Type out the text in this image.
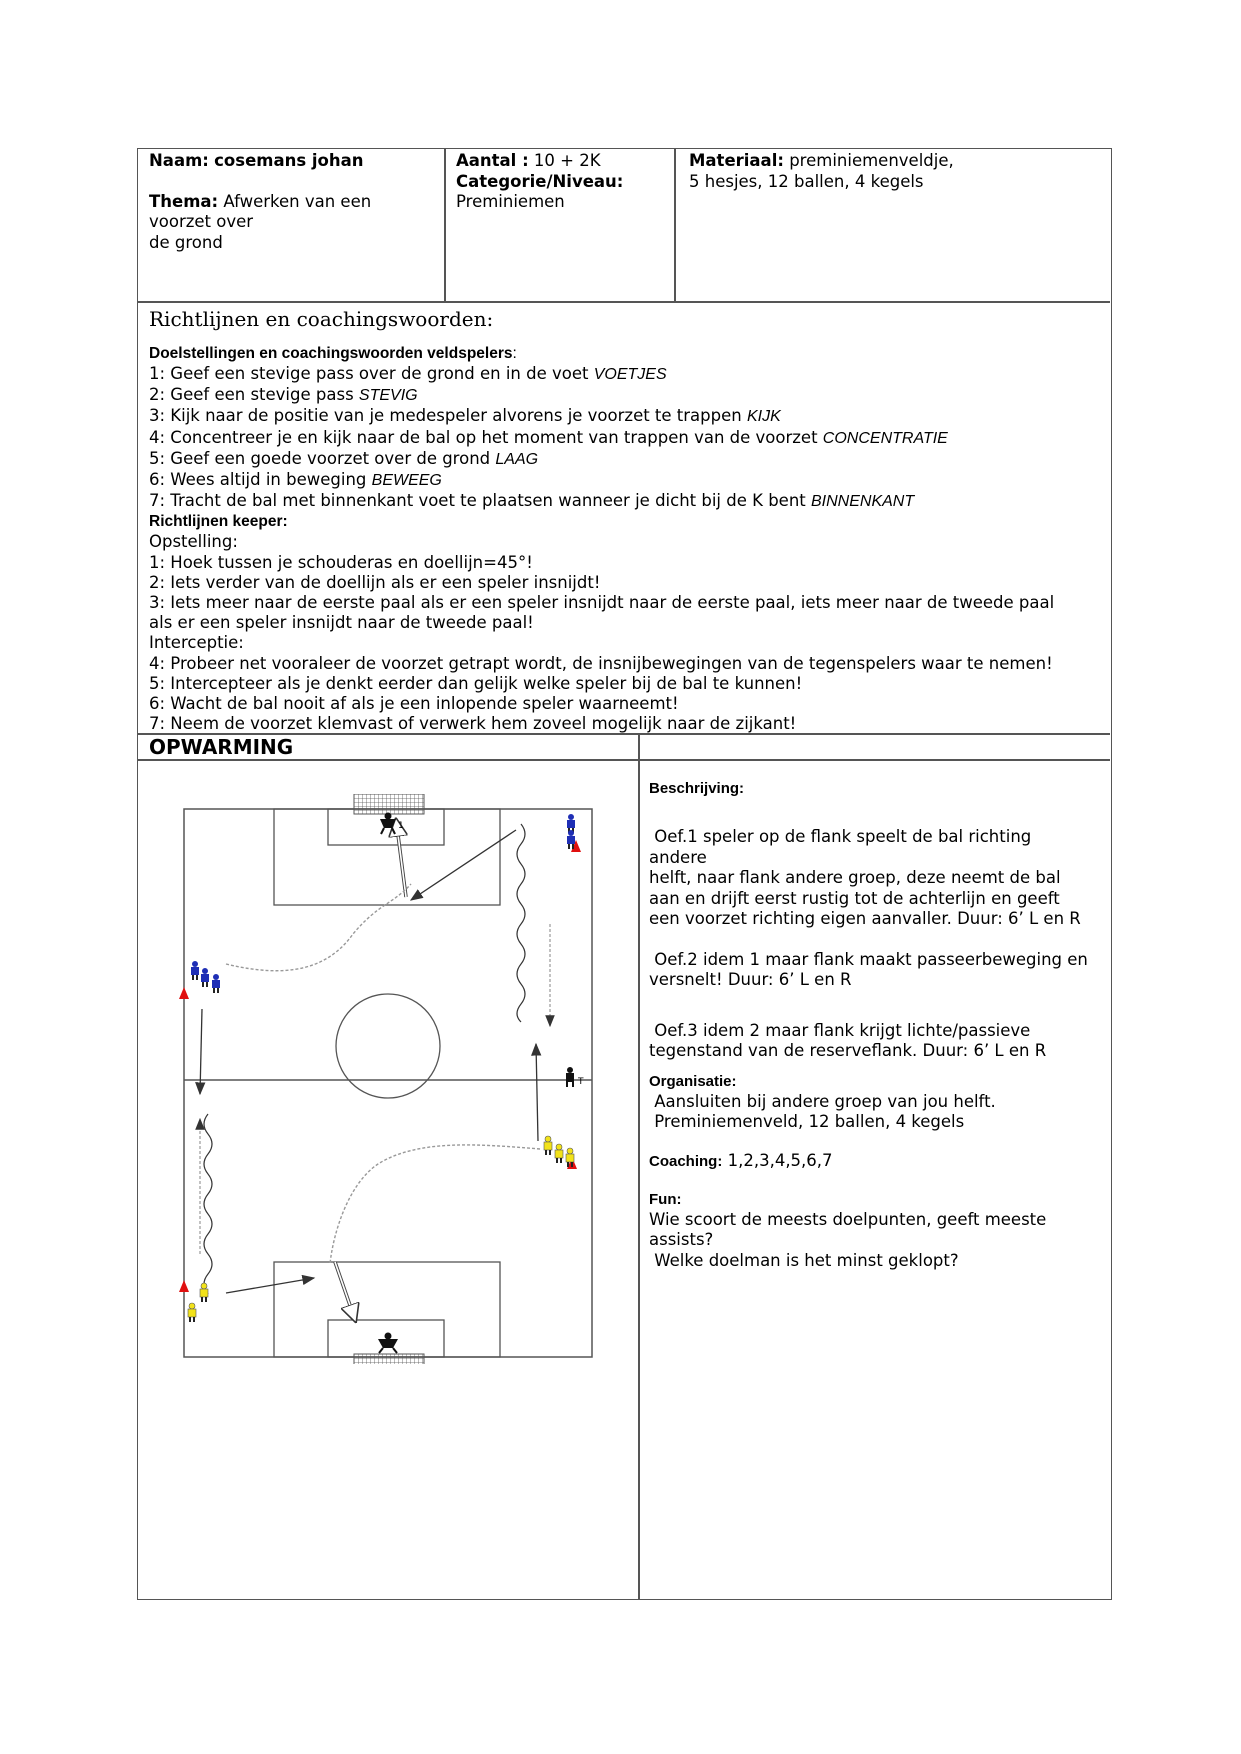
Naam: cosemans johan
Thema: Afwerken van een
voorzet over
de grond
Aantal : 10 + 2K
Categorie/Niveau:
Preminiemen
Materiaal: preminiemenveldje,
5 hesjes, 12 ballen, 4 kegels
Richtlijnen en coachingswoorden:
Doelstellingen en coachingswoorden veldspelers:
1: Geef een stevige pass over de grond en in de voet VOETJES
2: Geef een stevige pass STEVIG
3: Kijk naar de positie van je medespeler alvorens je voorzet te trappen KIJK
4: Concentreer je en kijk naar de bal op het moment van trappen van de voorzet CONCENTRATIE
5: Geef een goede voorzet over de grond LAAG
6: Wees altijd in beweging BEWEEG
7: Tracht de bal met binnenkant voet te plaatsen wanneer je dicht bij de K bent BINNENKANT
Richtlijnen keeper:
Opstelling:
1: Hoek tussen je schouderas en doellijn=45°!
2: Iets verder van de doellijn als er een speler insnijdt!
3: Iets meer naar de eerste paal als er een speler insnijdt naar de eerste paal, iets meer naar de tweede paal
als er een speler insnijdt naar de tweede paal!
Interceptie:
4: Probeer net vooraleer de voorzet getrapt wordt, de insnijbewegingen van de tegenspelers waar te nemen!
5: Intercepteer als je denkt eerder dan gelijk welke speler bij de bal te kunnen!
6: Wacht de bal nooit af als je een inlopende speler waarneemt!
7: Neem de voorzet klemvast of verwerk hem zoveel mogelijk naar de zijkant!
OPWARMING
1
T
Beschrijving:
Oef.1 speler op de flank speelt de bal richting
andere
helft, naar flank andere groep, deze neemt de bal
aan en drijft eerst rustig tot de achterlijn en geeft
een voorzet richting eigen aanvaller. Duur: 6’ L en R
Oef.2 idem 1 maar flank maakt passeerbeweging en
versnelt! Duur: 6’ L en R
Oef.3 idem 2 maar flank krijgt lichte/passieve
tegenstand van de reserveflank. Duur: 6’ L en R
Organisatie:
Aansluiten bij andere groep van jou helft.
Preminiemenveld, 12 ballen, 4 kegels
Coaching: 1,2,3,4,5,6,7
Fun:
Wie scoort de meests doelpunten, geeft meeste
assists?
Welke doelman is het minst geklopt?
